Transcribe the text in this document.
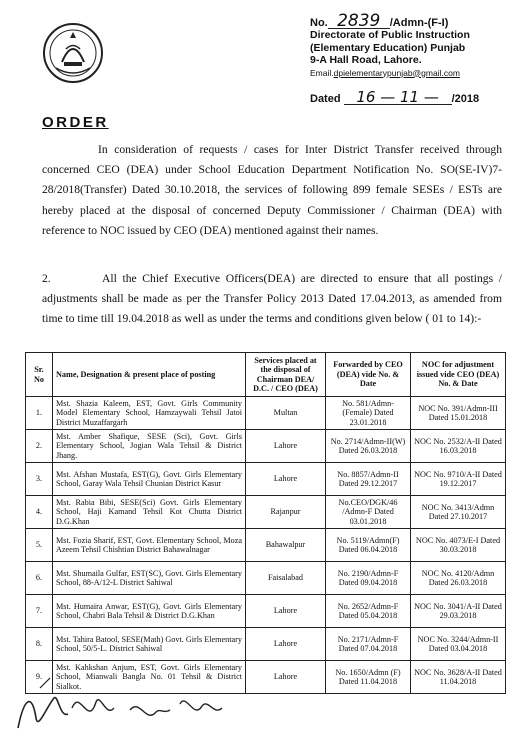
No. 2839 /Admn-(F-I)
Directorate of Public Instruction
(Elementary Education) Punjab
9-A Hall Road, Lahore.
Email.dpielementarypunjab@gmail.com
Dated 16 — 11 — /2018
ORDER
In consideration of requests / cases for Inter District Transfer received through concerned CEO (DEA) under School Education Department Notification No. SO(SE-IV)7-28/2018(Transfer) Dated 30.10.2018, the services of following 899 female SESEs / ESTs are hereby placed at the disposal of concerned Deputy Commissioner / Chairman (DEA) with reference to NOC issued by CEO (DEA) mentioned against their names.
2.	All the Chief Executive Officers(DEA) are directed to ensure that all postings / adjustments shall be made as per the Transfer Policy 2013 Dated 17.04.2013, as amended from time to time till 19.04.2018 as well as under the terms and conditions given below ( 01 to 14):-
Sr. No	Name, Designation & present place of posting	Services placed at the disposal of Chairman DEA/ D.C. / CEO (DEA)	Forwarded by CEO (DEA) vide No. & Date	NOC for adjustment issued vide CEO (DEA) No. & Date
1.	Mst. Shazia Kaleem, EST, Govt. Girls Community Model Elementary School, Hamzaywali Tehsil Jatoi District Muzaffargarh	Multan	No. 581/Admn-(Female) Dated 23.01.2018	NOC No. 391/Admn-III Dated 15.01.2018
2.	Mst. Amber Shafique, SESE (Sci), Govt. Girls Elementary School, Jogian Wala Tehsil & District Jhang.	Lahore	No. 2714/Admn-II(W) Dated 26.03.2018	NOC No. 2532/A-II Dated 16.03.2018
3.	Mst. Afshan Mustafa, EST(G), Govt. Girls Elementary School, Garay Wala Tehsil Chunian District Kasur	Lahore	No. 8857/Admn-II Dated 29.12.2017	NOC No. 9710/A-II Dated 19.12.2017
4.	Mst. Rabia Bibi, SESE(Sci) Govt. Girls Elementary School, Haji Kamand Tehsil Kot Chutta District D.G.Khan	Rajanpur	No.CEO/DGK/46 /Admn-F Dated 03.01.2018	NOC No. 3413/Admn Dated 27.10.2017
5.	Mst. Fozia Sharif, EST, Govt. Elementary School, Moza Azeem Tehsil Chishtian District Bahawalnagar	Bahawalpur	No. 5119/Admn(F) Dated 06.04.2018	NOC No. 4073/E-I Dated 30.03.2018
6.	Mst. Shumaila Gulfar, EST(SC), Govt. Girls Elementary School, 88-A/12-L District Sahiwal	Faisalabad	No. 2190/Admn-F Dated 09.04.2018	NOC No. 4120/Admn Dated 26.03.2018
7.	Mst. Humaira Anwar, EST(G), Govt. Girls Elementary School, Chabri Bala Tehsil & District D.G.Khan	Lahore	No. 2652/Admn-F Dated 05.04.2018	NOC No. 3041/A-II Dated 29.03.2018
8.	Mst. Tahira Batool, SESE(Math) Govt. Girls Elementary School, 50/5-L. District Sahiwal	Lahore	No. 2171/Admn-F Dated 07.04.2018	NOC No. 3244/Admn-II Dated 03.04.2018
9.	Mst. Kahkshan Anjum, EST, Govt. Girls Elementary School, Mianwali Bangla No. 01 Tehsil & District Sialkot.	Lahore	No. 1650/Admn (F) Dated 11.04.2018	NOC No. 3628/A-II Dated 11.04.2018
